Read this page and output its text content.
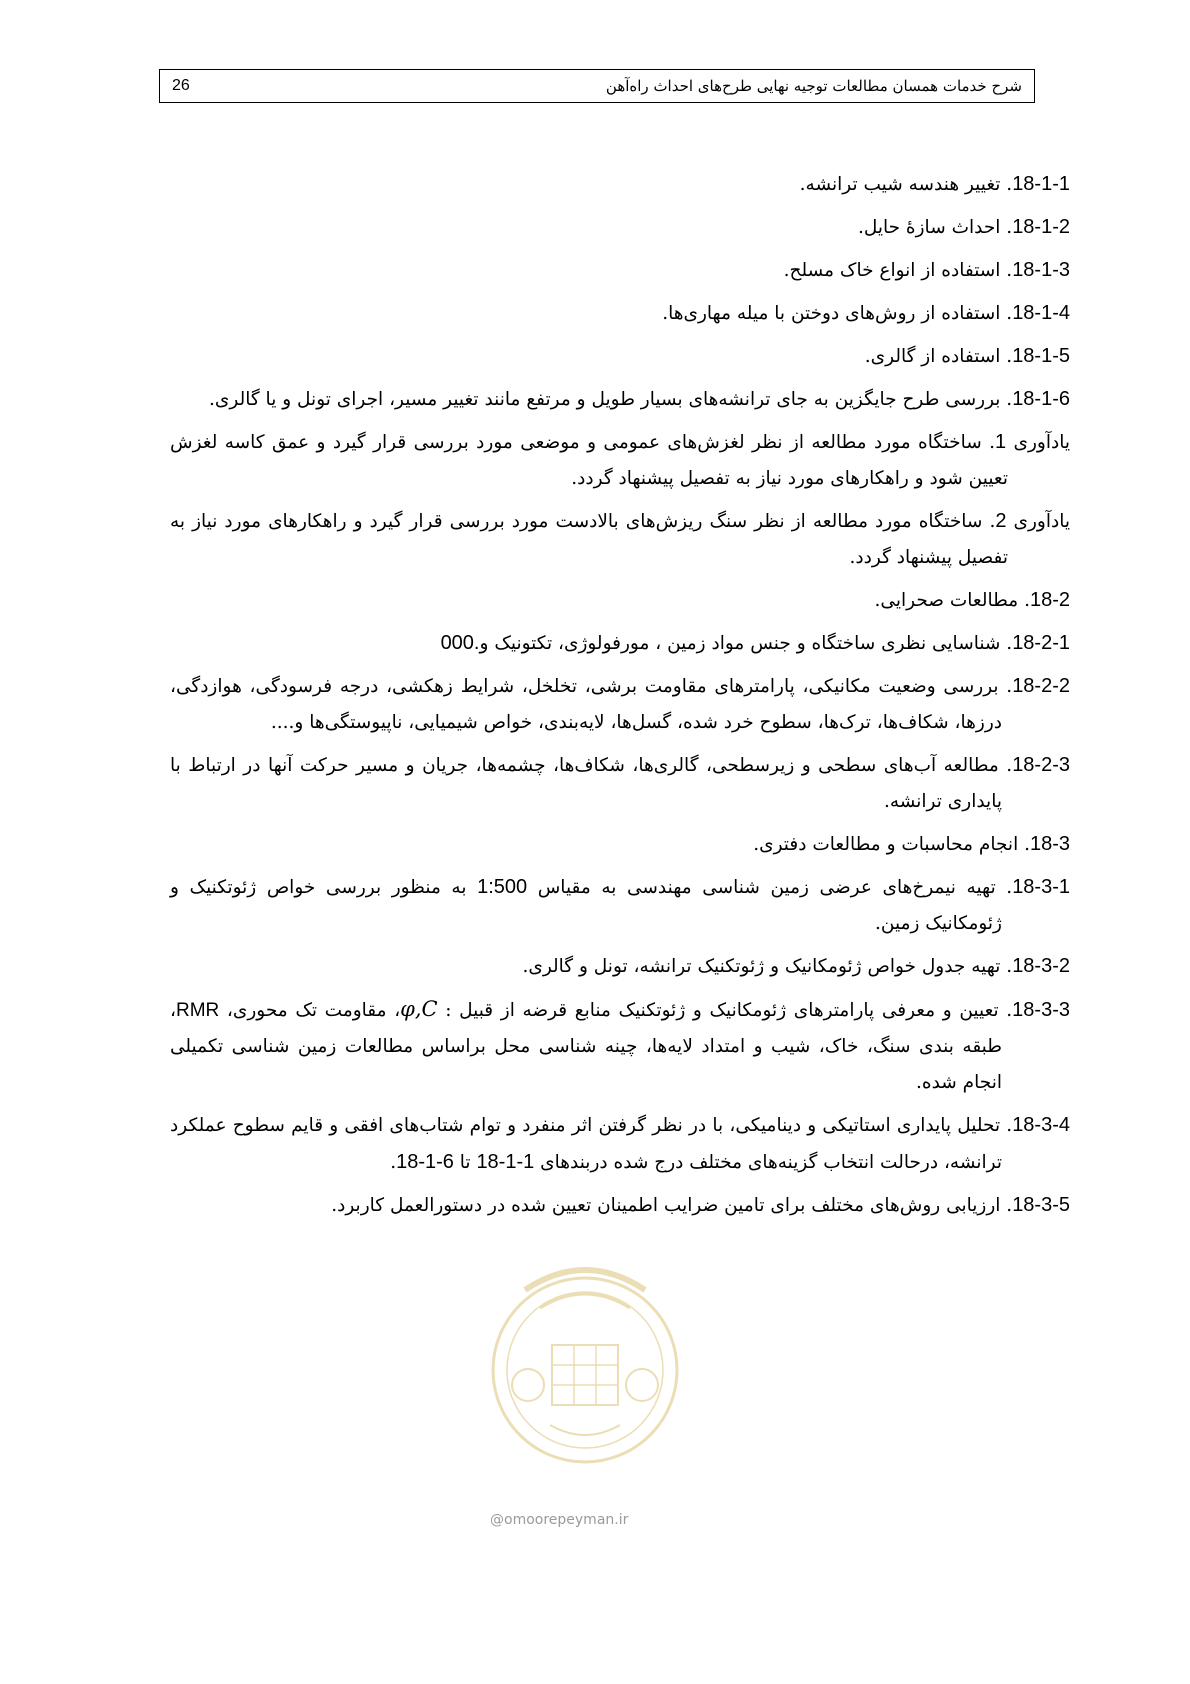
شرح خدمات همسان مطالعات توجیه نهایی طرح‌های احداث راه‌آهن
26

18-1-1. تغییر هندسه شیب ترانشه.

18-1-2. احداث سازهٔ حایل.

18-1-3. استفاده از انواع خاک مسلح.

18-1-4. استفاده از روش‌های دوختن با میله مهاری‌ها.

18-1-5. استفاده از گالری.

18-1-6. بررسی طرح جایگزین به جای ترانشه‌های بسیار طویل و مرتفع مانند تغییر مسیر، اجرای تونل و یا گالری.

یادآوری 1. ساختگاه مورد مطالعه از نظر لغزش‌های عمومی و موضعی مورد بررسی قرار گیرد و عمق کاسه لغزش تعیین شود و راهکارهای مورد نیاز به تفصیل پیشنهاد گردد.

یادآوری 2. ساختگاه مورد مطالعه از نظر سنگ ریزش‌های بالادست مورد بررسی قرار گیرد و راهکارهای مورد نیاز به تفصیل پیشنهاد گردد.

18-2. مطالعات صحرایی.

18-2-1. شناسایی نظری ساختگاه و جنس مواد زمین ، مورفولوژی، تکتونیک و000.

18-2-2. بررسی وضعیت مکانیکی، پارامترهای مقاومت برشی، تخلخل، شرایط زهکشی، درجه فرسودگی، هوازدگی، درزها، شکاف‌ها، ترک‌ها، سطوح خرد شده، گسل‌ها، لایه‌بندی، خواص شیمیایی، ناپیوستگی‌ها و....

18-2-3. مطالعه آب‌های سطحی و زیرسطحی، گالری‌ها، شکاف‌ها، چشمه‌ها، جریان و مسیر حرکت آنها در ارتباط با پایداری ترانشه.

18-3. انجام محاسبات و مطالعات دفتری.

18-3-1. تهیه نیمرخ‌های عرضی زمین شناسی مهندسی به مقیاس 1:500 به منظور بررسی خواص ژئوتکنیک و ژئومکانیک زمین.

18-3-2. تهیه جدول خواص ژئومکانیک و ژئوتکنیک ترانشه، تونل و گالری.

18-3-3. تعیین و معرفی پارامترهای ژئومکانیک و ژئوتکنیک منابع قرضه از قبیل : φ,C، مقاومت تک محوری، RMR، طبقه بندی سنگ، خاک، شیب و امتداد لایه‌ها، چینه شناسی محل براساس مطالعات زمین شناسی تکمیلی انجام شده.

18-3-4. تحلیل پایداری استاتیکی و دینامیکی، با در نظر گرفتن اثر منفرد و توام شتاب‌های افقی و قایم سطوح عملکرد ترانشه، درحالت انتخاب گزینه‌های مختلف درج شده دربندهای 18-1-1 تا 18-1-6.

18-3-5. ارزیابی روش‌های مختلف برای تامین ضرایب اطمینان تعیین شده در دستورالعمل کاربرد.

@omoorepeyman.ir
